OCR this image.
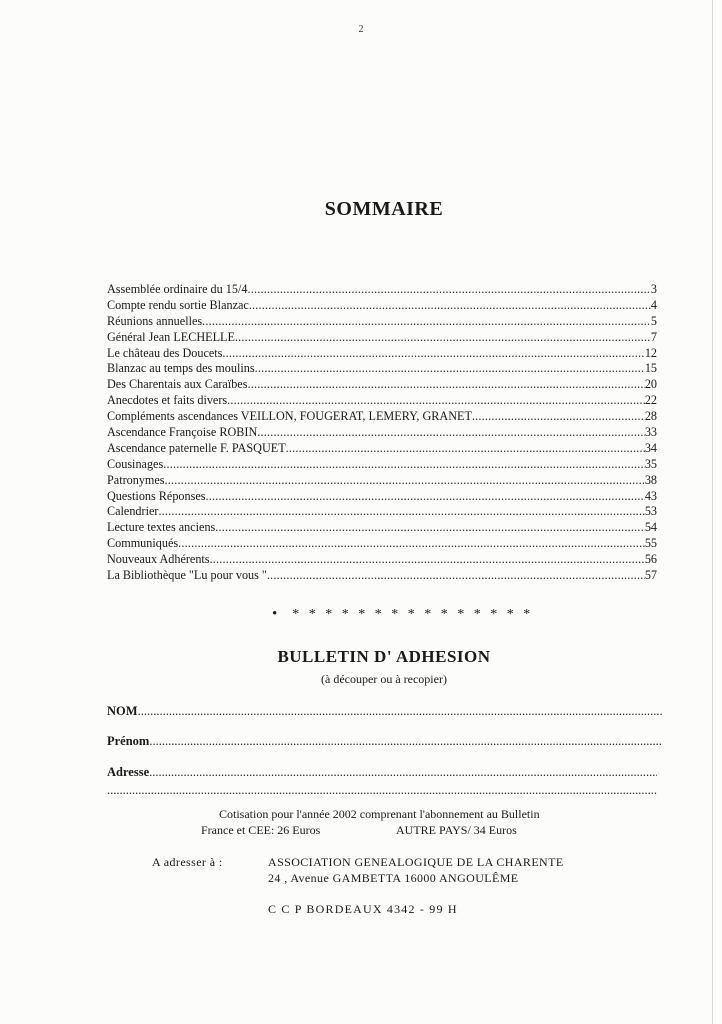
2
SOMMAIRE
Assemblée ordinaire du 15/4 .....	3
Compte rendu sortie Blanzac .....	4
Réunions annuelles .....	5
Général Jean LECHELLE .....	7
Le château des Doucets .....	12
Blanzac au temps des moulins .....	15
Des Charentais aux Caraïbes .....	20
Anecdotes et faits divers .....	22
Compléments ascendances VEILLON, FOUGERAT, LEMERY, GRANET .....	28
Ascendance Françoise ROBIN .....	33
Ascendance paternelle F. PASQUET .....	34
Cousinages .....	35
Patronymes .....	38
Questions Réponses .....	43
Calendrier .....	53
Lecture textes anciens .....	54
Communiqués .....	55
Nouveaux Adhérents .....	56
La Bibliothèque "Lu pour vous " .....	57
• * * * * * * * * * * * * * * *
BULLETIN D' ADHESION
(à découper ou à recopier)
NOM
.....
Prénom
.....
Adresse
.....
.....
Cotisation pour l'année 2002 comprenant l'abonnement au Bulletin
France et CEE: 26 Euros	AUTRE PAYS/ 34 Euros
A adresser à :	ASSOCIATION GENEALOGIQUE DE LA CHARENTE
24 , Avenue GAMBETTA 16000 ANGOULÊME
C C P BORDEAUX 4342 - 99 H
